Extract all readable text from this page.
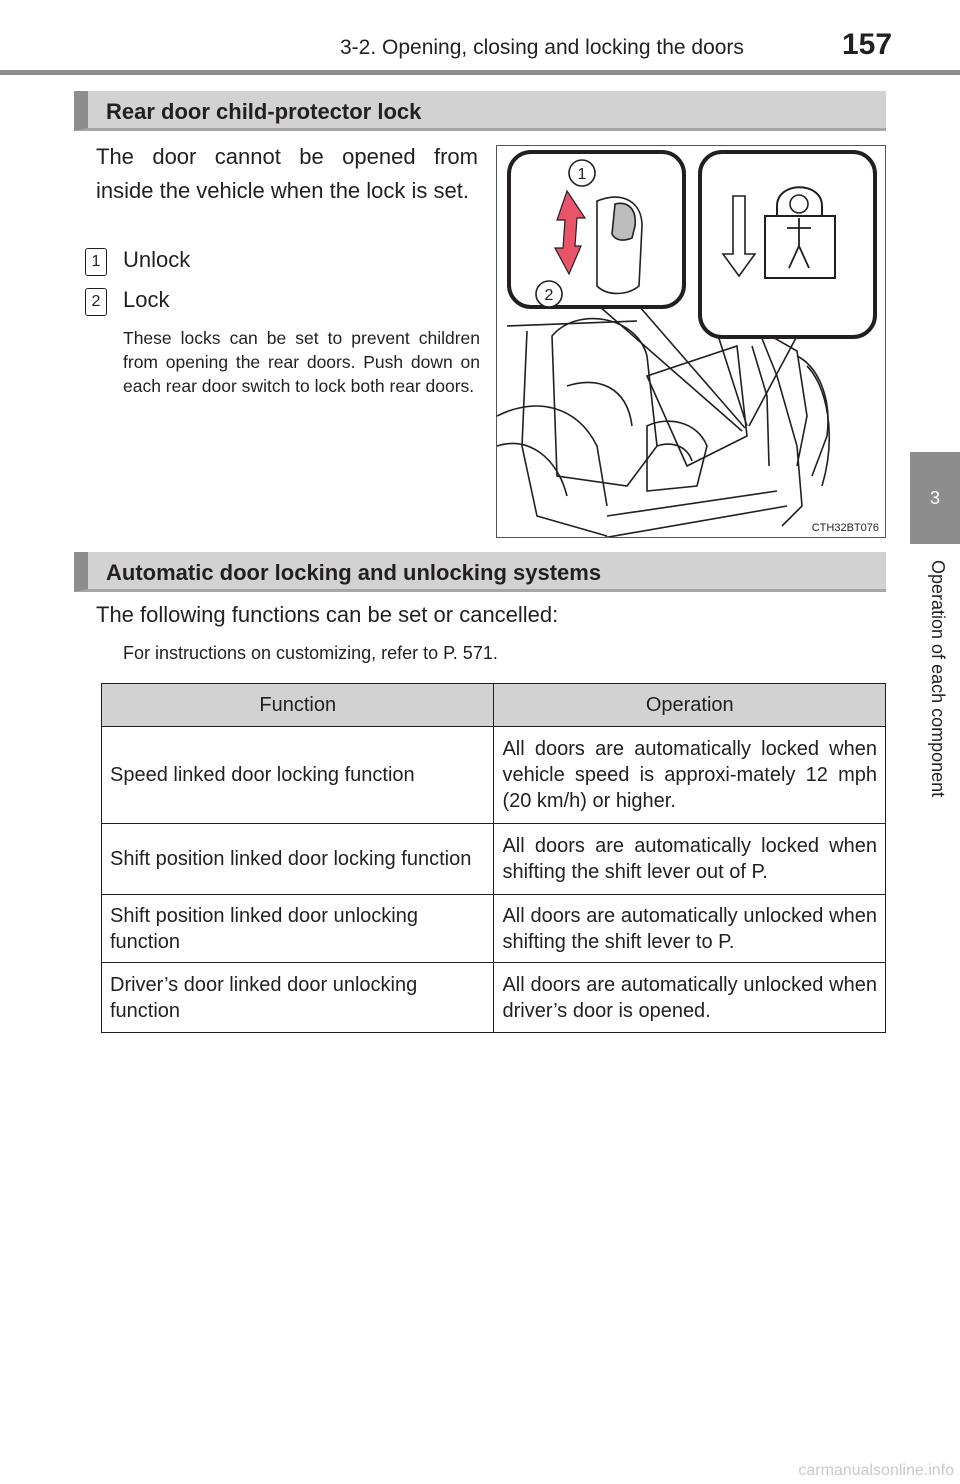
3-2. Opening, closing and locking the doors	157
3
Operation of each component
Rear door child-protector lock
The door cannot be opened from inside the vehicle when the lock is set.
1 Unlock
2 Lock
These locks can be set to prevent children from opening the rear doors. Push down on each rear door switch to lock both rear doors.
1
2
CTH32BT076
Automatic door locking and unlocking systems
The following functions can be set or cancelled:
For instructions on customizing, refer to P. 571.
Function	Operation
Speed linked door locking function	All doors are automatically locked when vehicle speed is approxi-mately 12 mph (20 km/h) or higher.
Shift position linked door locking function	All doors are automatically locked when shifting the shift lever out of P.
Shift position linked door unlocking function	All doors are automatically unlocked when shifting the shift lever to P.
Driver’s door linked door unlocking function	All doors are automatically unlocked when driver’s door is opened.
carmanualsonline.info
